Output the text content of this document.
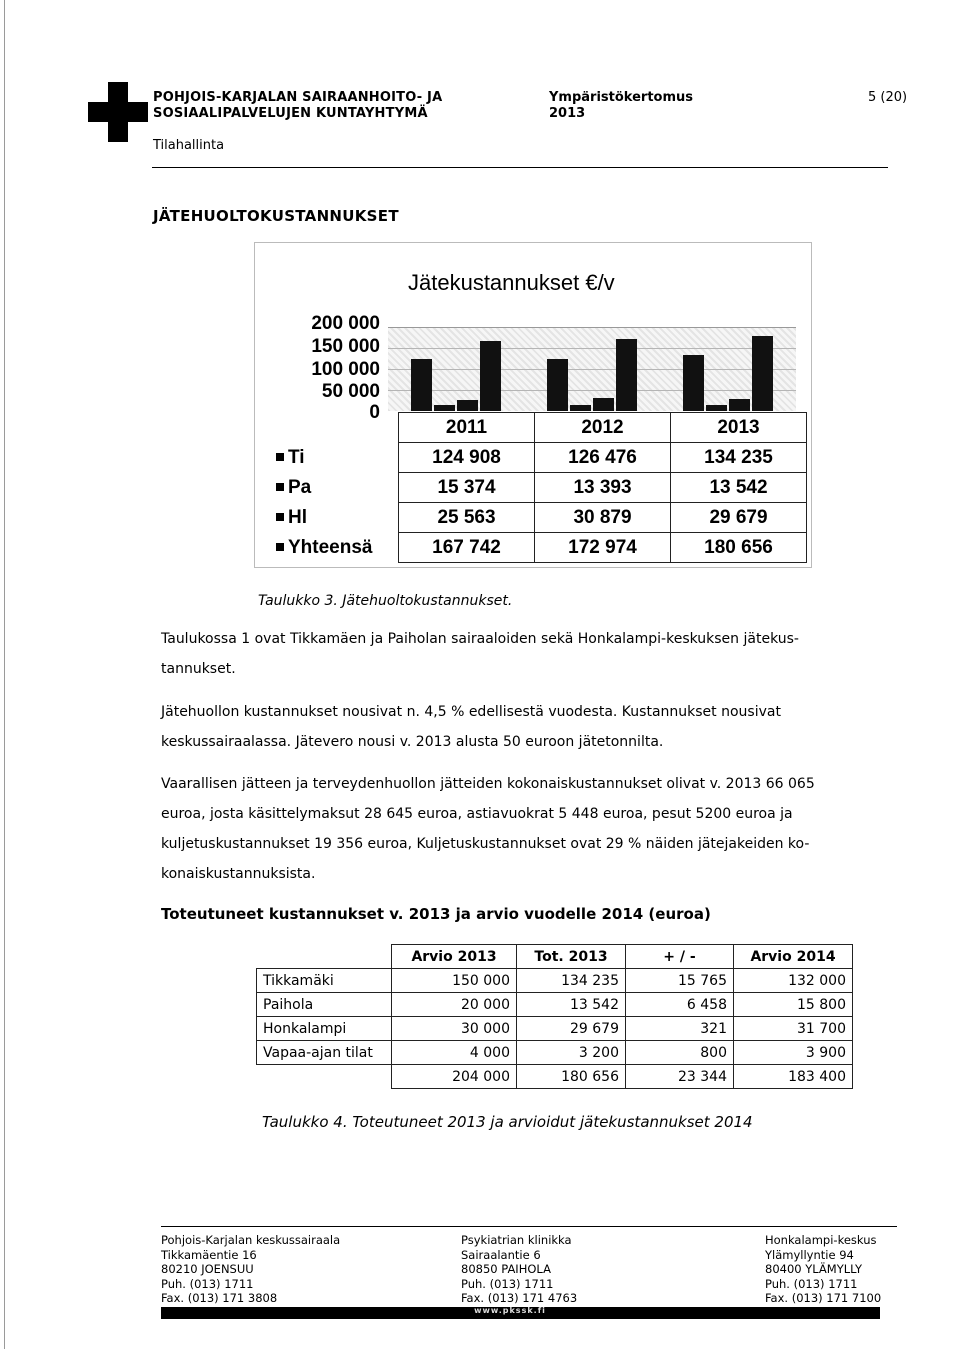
POHJOIS-KARJALAN SAIRAANHOITO- JA
SOSIAALIPALVELUJEN KUNTAYHTYMÄ
Ympäristökertomus
2013
5 (20)
Tilahallinta
JÄTEHUOLTOKUSTANNUKSET
Jätekustannukset €/v
200 000
150 000
100 000
50 000
0
	2011	2012	2013
Ti	124 908	126 476	134 235
Pa	15 374	13 393	13 542
Hl	25 563	30 879	29 679
Yhteensä	167 742	172 974	180 656
Taulukko 3. Jätehuoltokustannukset.
Taulukossa 1 ovat Tikkamäen ja Paiholan sairaaloiden sekä Honkalampi-keskuksen jätekus-
tannukset.
Jätehuollon kustannukset nousivat n. 4,5 % edellisestä vuodesta. Kustannukset nousivat
keskussairaalassa. Jätevero nousi v. 2013 alusta 50 euroon jätetonnilta.
Vaarallisen jätteen ja terveydenhuollon jätteiden kokonaiskustannukset olivat v. 2013 66 065
euroa, josta käsittelymaksut 28 645 euroa, astiavuokrat 5 448 euroa, pesut 5200 euroa ja
kuljetuskustannukset 19 356 euroa, Kuljetuskustannukset ovat 29 % näiden jätejakeiden ko-
konaiskustannuksista.
Toteutuneet kustannukset v. 2013 ja arvio vuodelle 2014 (euroa)
	Arvio 2013	Tot. 2013	+ / -	Arvio 2014
Tikkamäki	150 000	134 235	15 765	132 000
Paihola	20 000	13 542	6 458	15 800
Honkalampi	30 000	29 679	321	31 700
Vapaa-ajan tilat	4 000	3 200	800	3 900
	204 000	180 656	23 344	183 400
Taulukko 4. Toteutuneet 2013 ja arvioidut jätekustannukset 2014
Pohjois-Karjalan keskussairaala
Tikkamäentie 16
80210 JOENSUU
Puh. (013) 1711
Fax. (013) 171 3808
Psykiatrian klinikka
Sairaalantie 6
80850 PAIHOLA
Puh. (013) 1711
Fax. (013) 171 4763
Honkalampi-keskus
Ylämyllyntie 94
80400 YLÄMYLLY
Puh. (013) 1711
Fax. (013) 171 7100
www.pkssk.fi
